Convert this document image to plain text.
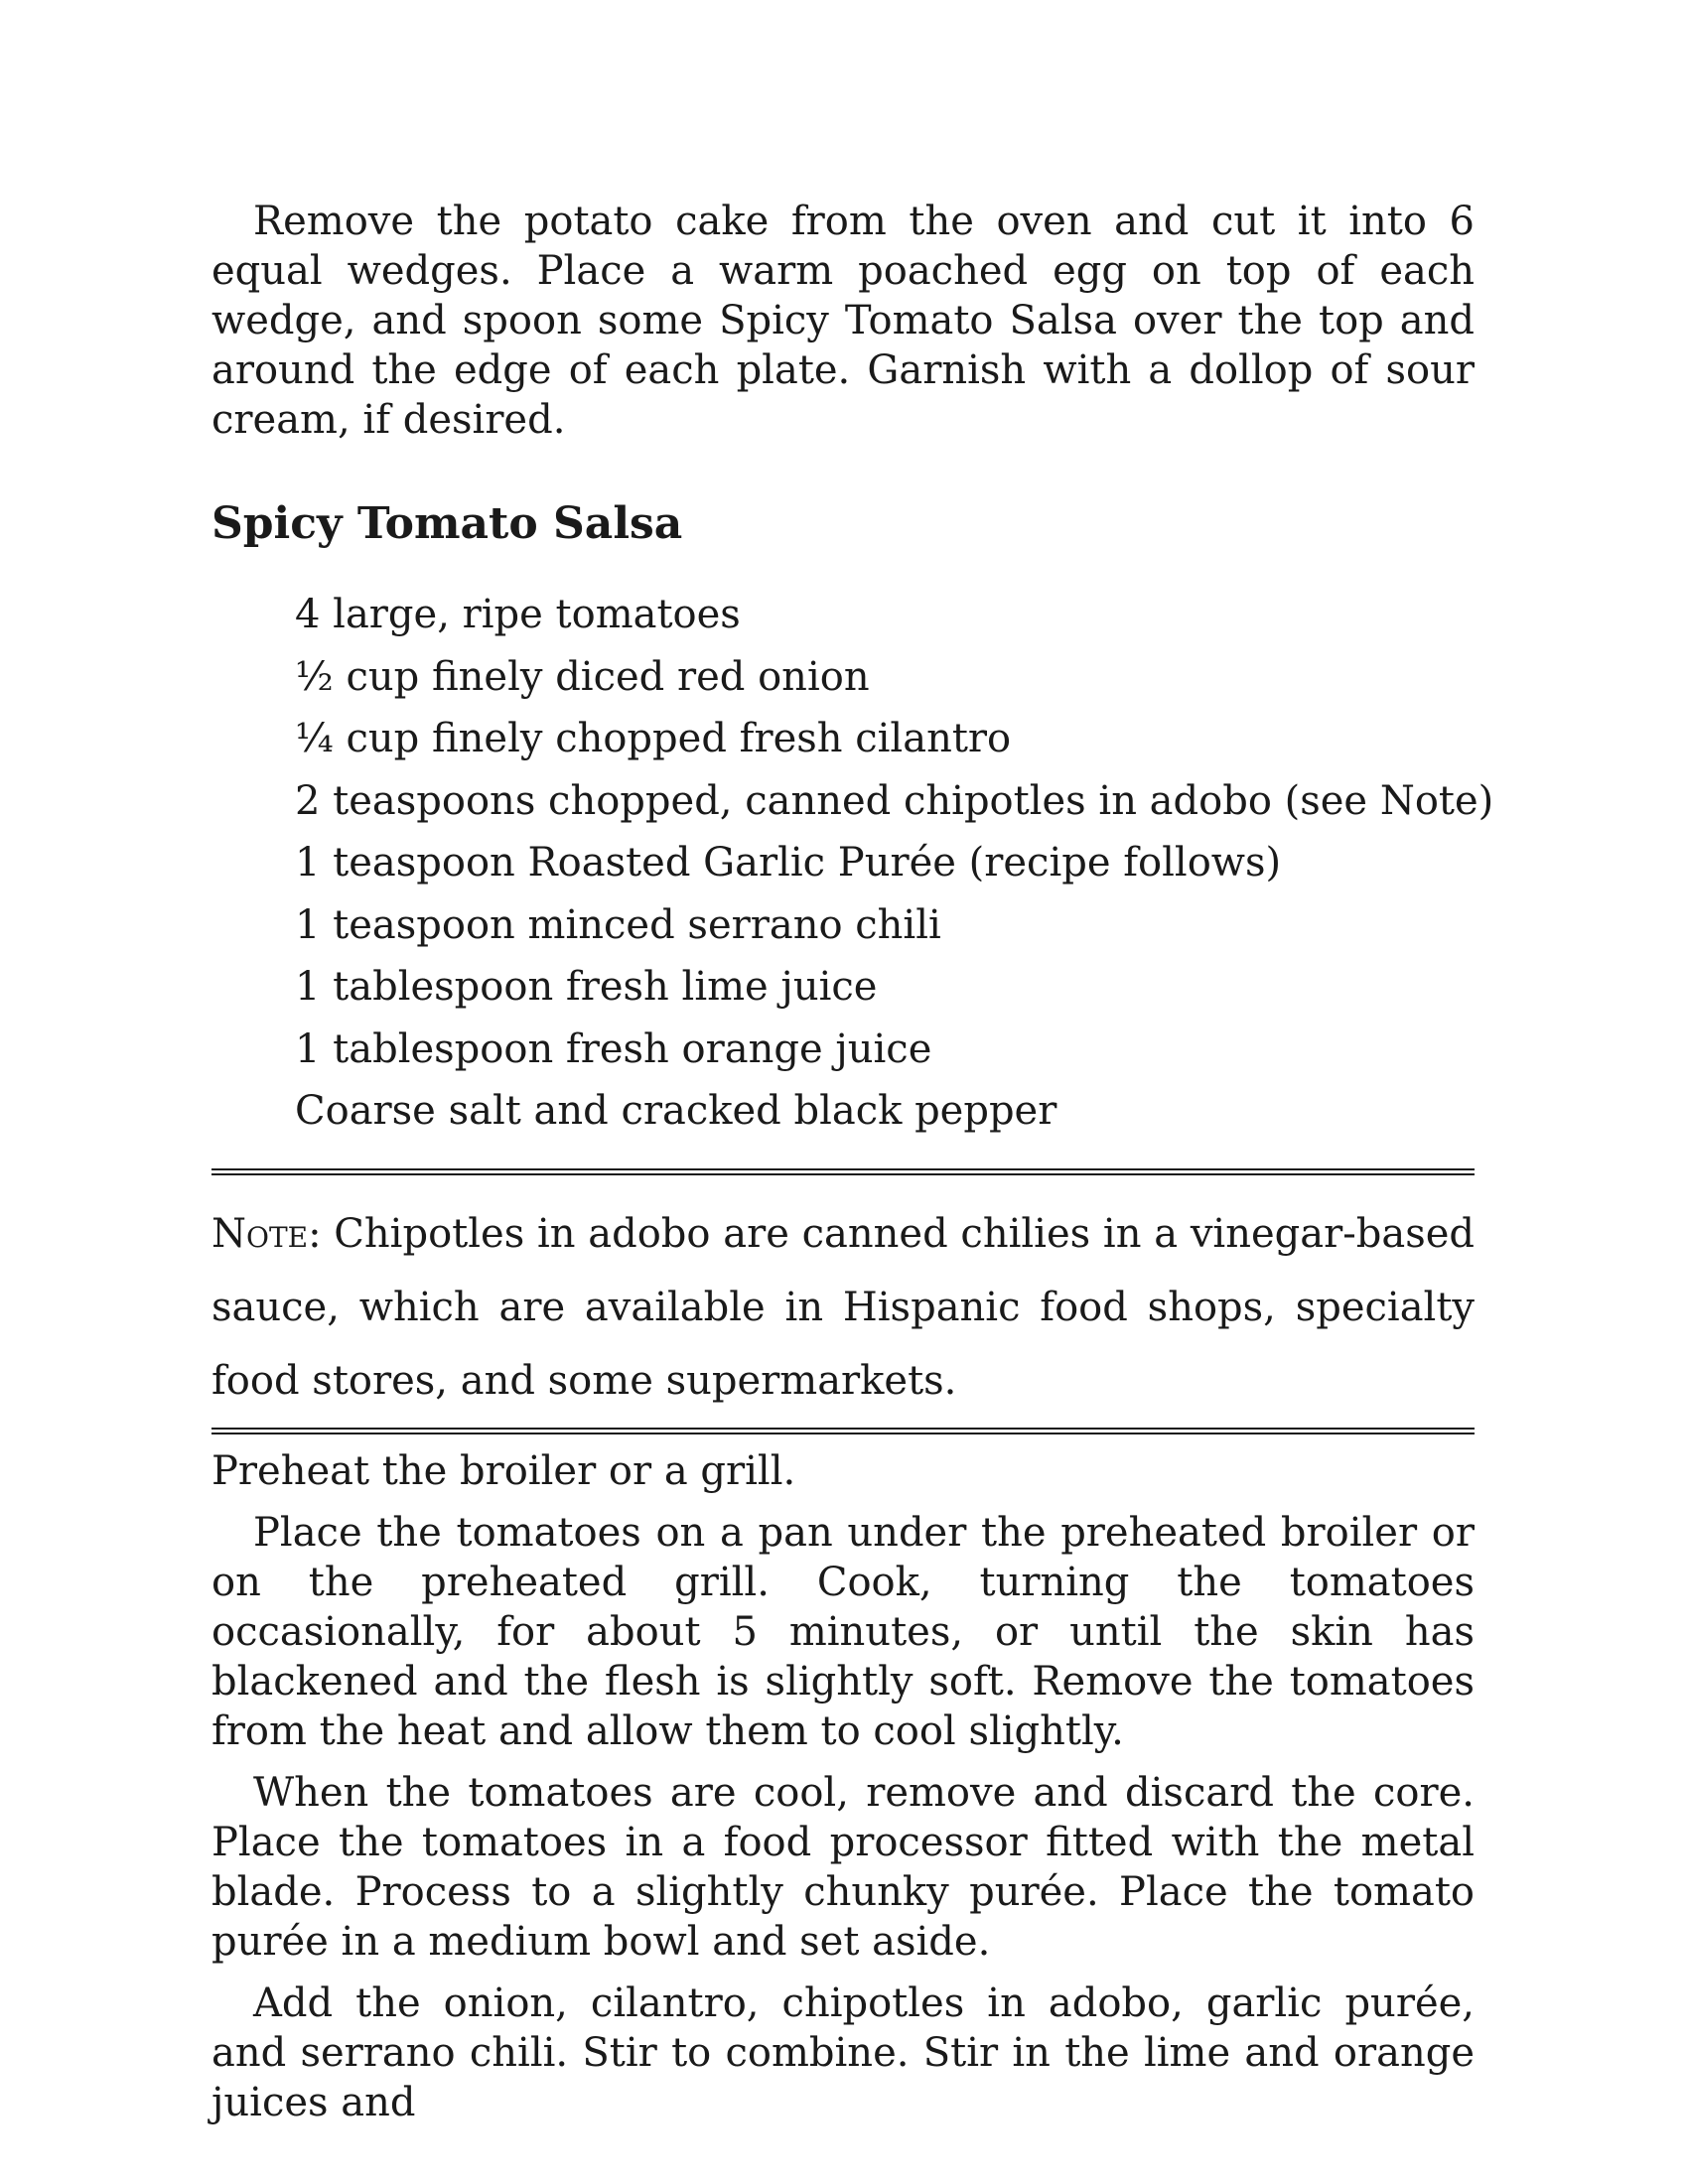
Remove the potato cake from the oven and cut it into 6 equal wedges. Place a warm poached egg on top of each wedge, and spoon some Spicy Tomato Salsa over the top and around the edge of each plate. Garnish with a dollop of sour cream, if desired.

Spicy Tomato Salsa
4 large, ripe tomatoes
½ cup finely diced red onion
¼ cup finely chopped fresh cilantro
2 teaspoons chopped, canned chipotles in adobo (see Note)
1 teaspoon Roasted Garlic Purée (recipe follows)
1 teaspoon minced serrano chili
1 tablespoon fresh lime juice
1 tablespoon fresh orange juice
Coarse salt and cracked black pepper

Note: Chipotles in adobo are canned chilies in a vinegar-based sauce, which are available in Hispanic food shops, specialty food stores, and some supermarkets.

Preheat the broiler or a grill.

Place the tomatoes on a pan under the preheated broiler or on the preheated grill. Cook, turning the tomatoes occasionally, for about 5 minutes, or until the skin has blackened and the flesh is slightly soft. Remove the tomatoes from the heat and allow them to cool slightly.

When the tomatoes are cool, remove and discard the core. Place the tomatoes in a food processor fitted with the metal blade. Process to a slightly chunky purée. Place the tomato purée in a medium bowl and set aside.

Add the onion, cilantro, chipotles in adobo, garlic purée, and serrano chili. Stir to combine. Stir in the lime and orange juices and
